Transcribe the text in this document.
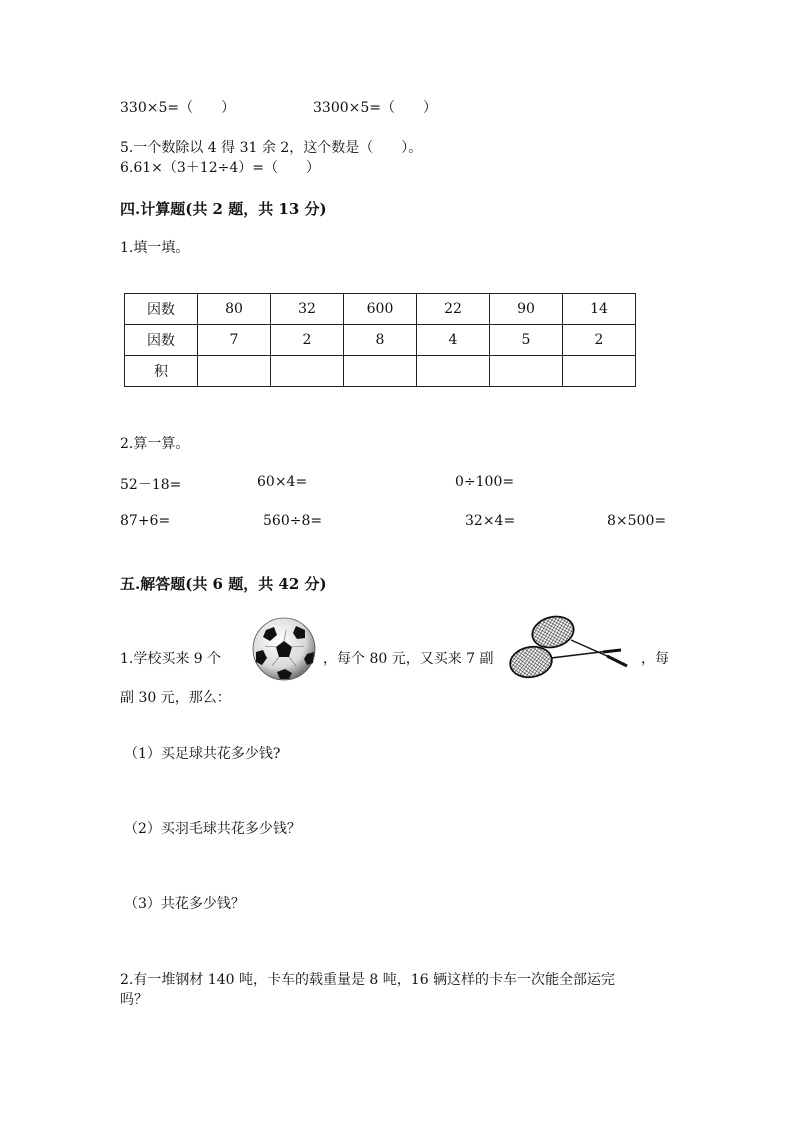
330×5=（　　）	3300×5=（　　）
5.一个数除以 4 得 31 余 2，这个数是（　　）。
6.61×（3＋12÷4）=（　　）
四.计算题(共 2 题，共 13 分)
1.填一填。
因数	80	32	600	22	90	14
因数	7	2	8	4	5	2
积						
2.算一算。
52－18=	60×4=	0÷100=
87+6=	560÷8=	32×4=	8×500=
五.解答题(共 6 题，共 42 分)
1.学校买来 9 个	，每个 80 元，又买来 7 副	，每
副 30 元，那么：
（1）买足球共花多少钱?
（2）买羽毛球共花多少钱？
（3）共花多少钱？
2.有一堆钢材 140 吨，卡车的载重量是 8 吨，16 辆这样的卡车一次能全部运完
吗？
